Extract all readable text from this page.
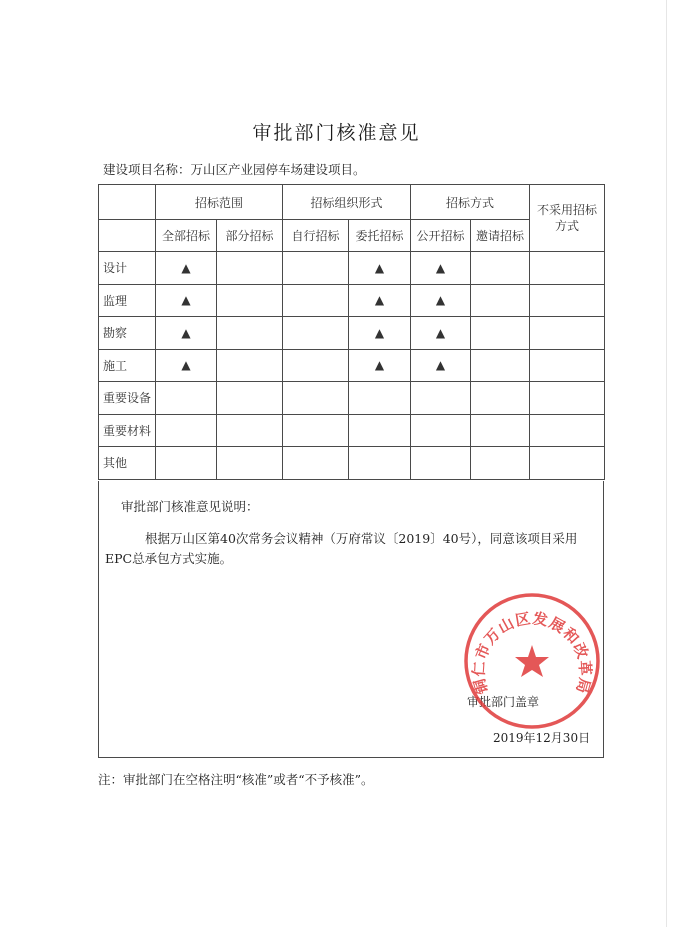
审批部门核准意见
建设项目名称：万山区产业园停车场建设项目。
	招标范围		招标组织形式		招标方式		不采用招标方式
	全部招标	部分招标	自行招标	委托招标	公开招标	邀请招标	
设计	▲			▲	▲		
监理	▲			▲	▲		
勘察	▲			▲	▲		
施工	▲			▲	▲		
重要设备							
重要材料							
其他							
审批部门核准意见说明：
根据万山区第40次常务会议精神（万府常议〔2019〕40号），同意该项目采用EPC总承包方式实施。
审批部门盖章
2019年12月30日
铜仁市万山区发展和改革局
注：审批部门在空格注明“核准”或者“不予核准”。
